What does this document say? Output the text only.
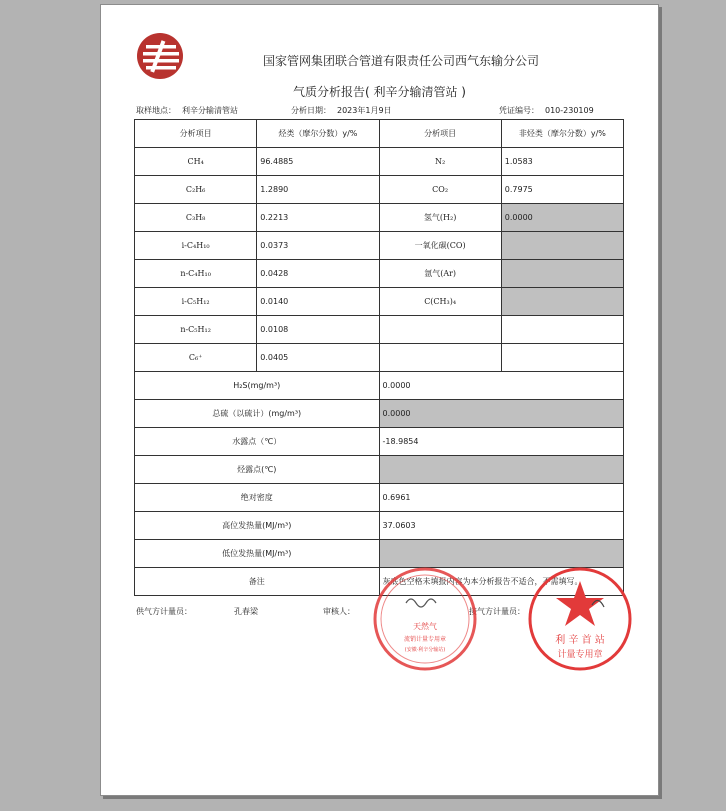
国家管网集团联合管道有限责任公司西气东输分公司
气质分析报告( 利辛分输清管站 )
取样地点： 利辛分输清管站	分析日期： 2023年1月9日	凭证编号： 010-230109
分析项目	烃类（摩尔分数）y/%	分析项目	非烃类（摩尔分数）y/%
CH₄	96.4885	N₂	1.0583
C₂H₆	1.2890	CO₂	0.7975
C₃H₈	0.2213	氢气(H₂)	0.0000
i-C₄H₁₀	0.0373	一氧化碳(CO)	
n-C₄H₁₀	0.0428	氩气(Ar)	
i-C₅H₁₂	0.0140	C(CH₃)₄	
n-C₅H₁₂	0.0108		
C₆⁺	0.0405		
H₂S(mg/m³)		0.0000	
总硫（以硫计）(mg/m³)		0.0000	
水露点（℃）		-18.9854	
烃露点(℃)			
绝对密度		0.6961	
高位发热量(MJ/m³)		37.0603	
低位发热量(MJ/m³)			
备注		灰底色空格未填报内容为本分析报告不适合，不需填写。	
供气方计量员：	孔春梁	审核人：	接气方计量员：
天然气
流销计量专用章
(安徽·利辛分输站)
利 辛 首 站
计量专用章
